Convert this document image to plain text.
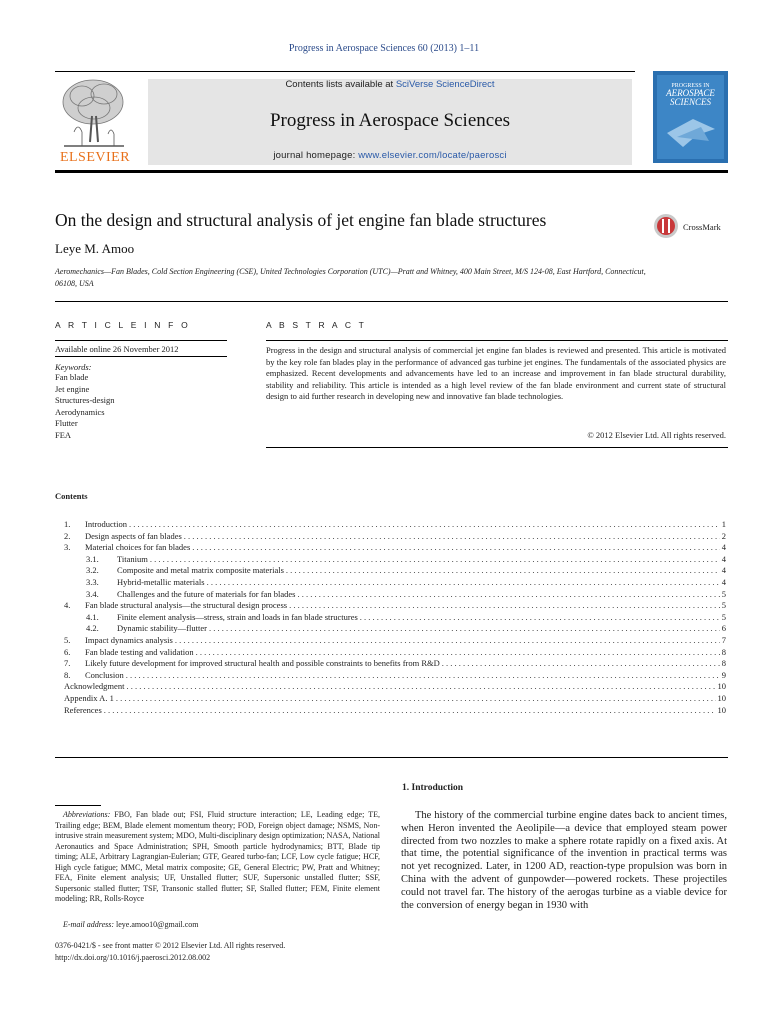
Progress in Aerospace Sciences 60 (2013) 1–11
ELSEVIER
Contents lists available at SciVerse ScienceDirect
Progress in Aerospace Sciences
journal homepage: www.elsevier.com/locate/paerosci
PROGRESS IN
AEROSPACE
SCIENCES
On the design and structural analysis of jet engine fan blade structures	CrossMark
Leye M. Amoo
Aeromechanics—Fan Blades, Cold Section Engineering (CSE), United Technologies Corporation (UTC)—Pratt and Whitney, 400 Main Street, M/S 124-08, East Hartford, Connecticut, 06108, USA
A R T I C L E I N F O	A B S T R A C T
Available online 26 November 2012
Keywords:
Fan blade
Jet engine
Structures-design
Aerodynamics
Flutter
FEA
Progress in the design and structural analysis of commercial jet engine fan blades is reviewed and presented. This article is motivated by the key role fan blades play in the performance of advanced gas turbine jet engines. The fundamentals of the associated physics are emphasized. Recent developments and advancements have led to an increase and improvement in fan blade structural durability, stability and reliability. This article is intended as a high level review of the fan blade environment and current state of structural design to aid further research in developing new and innovative fan blade technologies.
© 2012 Elsevier Ltd. All rights reserved.
Contents
1.	Introduction . . .	1
2.	Design aspects of fan blades . . .	2
3.	Material choices for fan blades . . .	4
3.1.	Titanium . . .	4
3.2.	Composite and metal matrix composite materials . . .	4
3.3.	Hybrid-metallic materials . . .	4
3.4.	Challenges and the future of materials for fan blades . . .	5
4.	Fan blade structural analysis—the structural design process . . .	5
4.1.	Finite element analysis—stress, strain and loads in fan blade structures . . .	5
4.2.	Dynamic stability—flutter . . .	6
5.	Impact dynamics analysis . . .	7
6.	Fan blade testing and validation . . .	8
7.	Likely future development for improved structural health and possible constraints to benefits from R&D . . .	8
8.	Conclusion . . .	9
Acknowledgment . . .	10
Appendix A. 1 . . .	10
References . . .	10
Abbreviations: FBO, Fan blade out; FSI, Fluid structure interaction; LE, Leading edge; TE, Trailing edge; BEM, Blade element momentum theory; FOD, Foreign object damage; NSMS, Non-intrusive strain measurement system; MDO, Multi-disciplinary design optimization; NASA, National Aeronautics and Space Administration; SPH, Smooth particle hydrodynamics; BTT, Blade tip timing; ALE, Arbitrary Lagrangian-Eulerian; GTF, Geared turbo-fan; LCF, Low cycle fatigue; HCF, High cycle fatigue; MMC, Metal matrix composite; GE, General Electric; PW, Pratt and Whitney; FEA, Finite element analysis; UF, Unstalled flutter; SUF, Supersonic unstalled flutter; SSF, Supersonic stalled flutter; TSF, Transonic stalled flutter; SF, Stalled flutter; FEM, Finite element modeling; RR, Rolls-Royce
E-mail address: leye.amoo10@gmail.com
0376-0421/$ - see front matter © 2012 Elsevier Ltd. All rights reserved.
http://dx.doi.org/10.1016/j.paerosci.2012.08.002
1. Introduction
The history of the commercial turbine engine dates back to ancient times, when Heron invented the Aeolipile—a device that employed steam power directed from two nozzles to make a sphere rotate rapidly on a fixed axis. At that time, the potential significance of the invention in practical terms was not yet recognized. Later, in 1200 AD, reaction-type propulsion was born in China with the advent of gunpowder—powered rockets. These projectiles could not travel far. The history of the aerogas turbine as a viable device for the conversion of energy began in 1930 with
